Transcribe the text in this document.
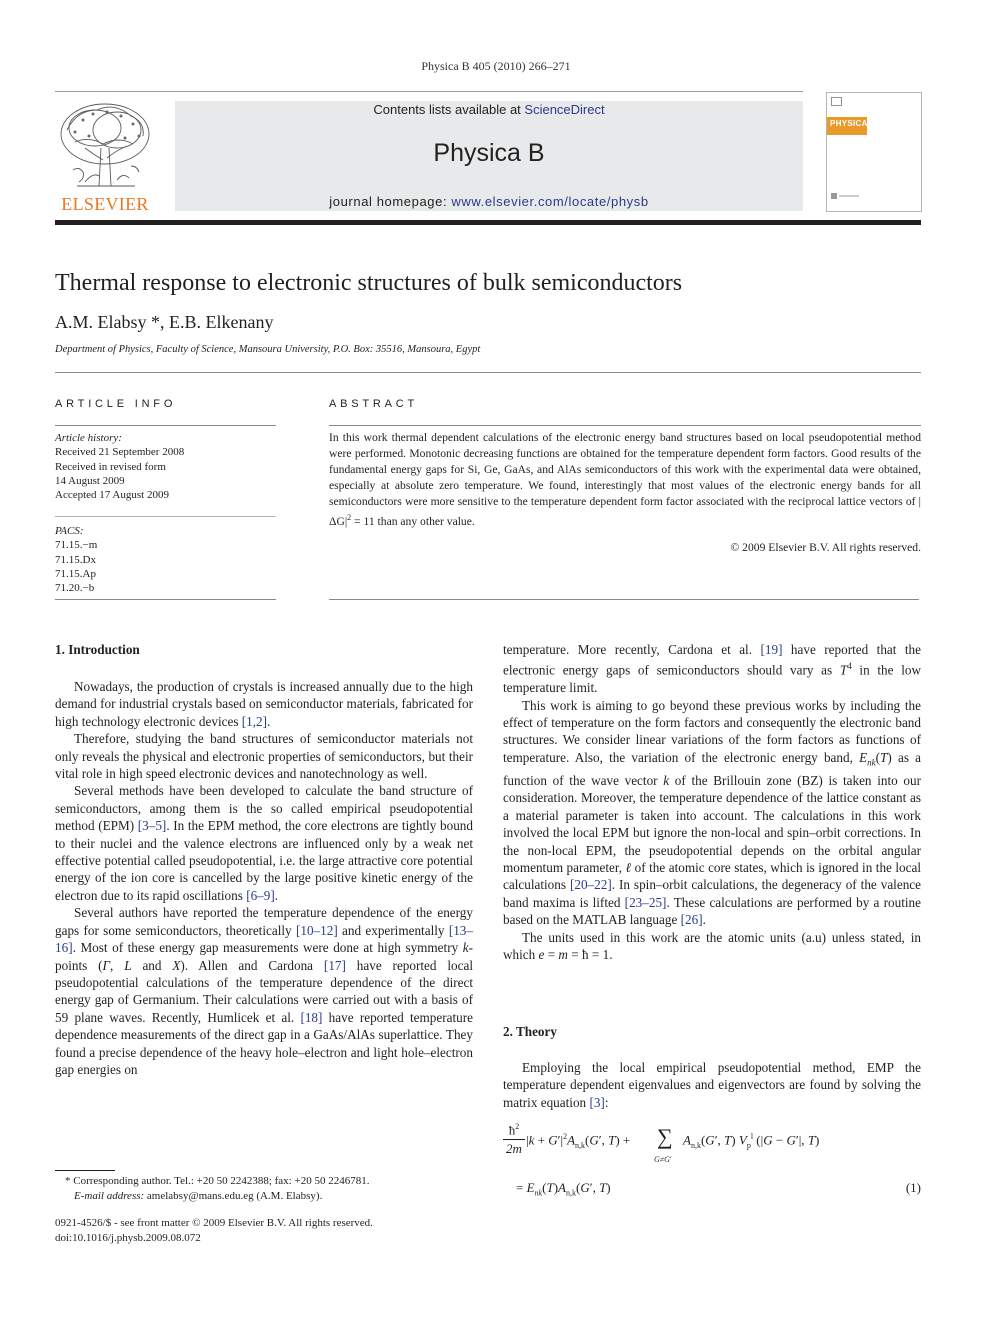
Physica B 405 (2010) 266–271
ELSEVIER
Contents lists available at ScienceDirect
Physica B
journal homepage: www.elsevier.com/locate/physb
PHYSICA
Thermal response to electronic structures of bulk semiconductors
A.M. Elabsy *, E.B. Elkenany
Department of Physics, Faculty of Science, Mansoura University, P.O. Box: 35516, Mansoura, Egypt
ARTICLE INFO
Article history:
Received 21 September 2008
Received in revised form
14 August 2009
Accepted 17 August 2009
PACS:
71.15.−m
71.15.Dx
71.15.Ap
71.20.−b
ABSTRACT

In this work thermal dependent calculations of the electronic energy band structures based on local pseudopotential method were performed. Monotonic decreasing functions are obtained for the temperature dependent form factors. Good results of the fundamental energy gaps for Si, Ge, GaAs, and AlAs semiconductors of this work with the experimental data were obtained, especially at absolute zero temperature. We found, interestingly that most values of the electronic energy bands for all semiconductors were more sensitive to the temperature dependent form factor associated with the reciprocal lattice vectors of $|\Delta G|^2 = 11$ than any other value.

© 2009 Elsevier B.V. All rights reserved.
1. Introduction

Nowadays, the production of crystals is increased annually due to the high demand for industrial crystals based on semiconductor materials, fabricated for high technology electronic devices [1,2].

Therefore, studying the band structures of semiconductor materials not only reveals the physical and electronic properties of semiconductors, but their vital role in high speed electronic devices and nanotechnology as well.

Several methods have been developed to calculate the band structure of semiconductors, among them is the so called empirical pseudopotential method (EPM) [3–5]. In the EPM method, the core electrons are tightly bound to their nuclei and the valence electrons are influenced only by a weak net effective potential called pseudopotential, i.e. the large attractive core potential energy of the ion core is cancelled by the large positive kinetic energy of the electron due to its rapid oscillations [6–9].

Several authors have reported the temperature dependence of the energy gaps for some semiconductors, theoretically [10–12] and experimentally [13–16]. Most of these energy gap measurements were done at high symmetry k-points (Γ, L and X). Allen and Cardona [17] have reported local pseudopotential calculations of the temperature dependence of the direct energy gap of Germanium. Their calculations were carried out with a basis of 59 plane waves. Recently, Humlicek et al. [18] have reported temperature dependence measurements of the direct gap in a GaAs/AlAs superlattice. They found a precise dependence of the heavy hole–electron and light hole–electron gap energies on

* Corresponding author. Tel.: +20 50 2242388; fax: +20 50 2246781.
E-mail address: amelabsy@mans.edu.eg (A.M. Elabsy).
0921-4526/$ - see front matter © 2009 Elsevier B.V. All rights reserved.
doi:10.1016/j.physb.2009.08.072

temperature. More recently, Cardona et al. [19] have reported that the electronic energy gaps of semiconductors should vary as $T^4$ in the low temperature limit.

This work is aiming to go beyond these previous works by including the effect of temperature on the form factors and consequently the electronic band structures. We consider linear variations of the form factors as functions of temperature. Also, the variation of the electronic energy band, $E_{nk}(T)$ as a function of the wave vector k of the Brillouin zone (BZ) is taken into our consideration. Moreover, the temperature dependence of the lattice constant as a material parameter is taken into account. The calculations in this work involved the local EPM but ignore the non-local and spin–orbit corrections. In the non-local EPM, the pseudopotential depends on the orbital angular momentum parameter, ℓ of the atomic core states, which is ignored in the local calculations [20–22]. In spin–orbit calculations, the degeneracy of the valence band maxima is lifted [23–25]. These calculations are performed by a routine based on the MATLAB language [26].

The units used in this work are the atomic units (a.u) unless stated, in which e = m = ħ = 1.

2. Theory

Employing the local empirical pseudopotential method, EMP the temperature dependent eigenvalues and eigenvectors are found by solving the matrix equation [3]:

$ħ^2$
2m
$|k + G'|^2A_{n,k}(G'$, T) + ∑
G≠G′
$A_{n,k}(G'$, T) $V_p^l$ (|G − G′|, T)
= $E_{nk}(T)A_{n,k}(G'$, T)	(1)
